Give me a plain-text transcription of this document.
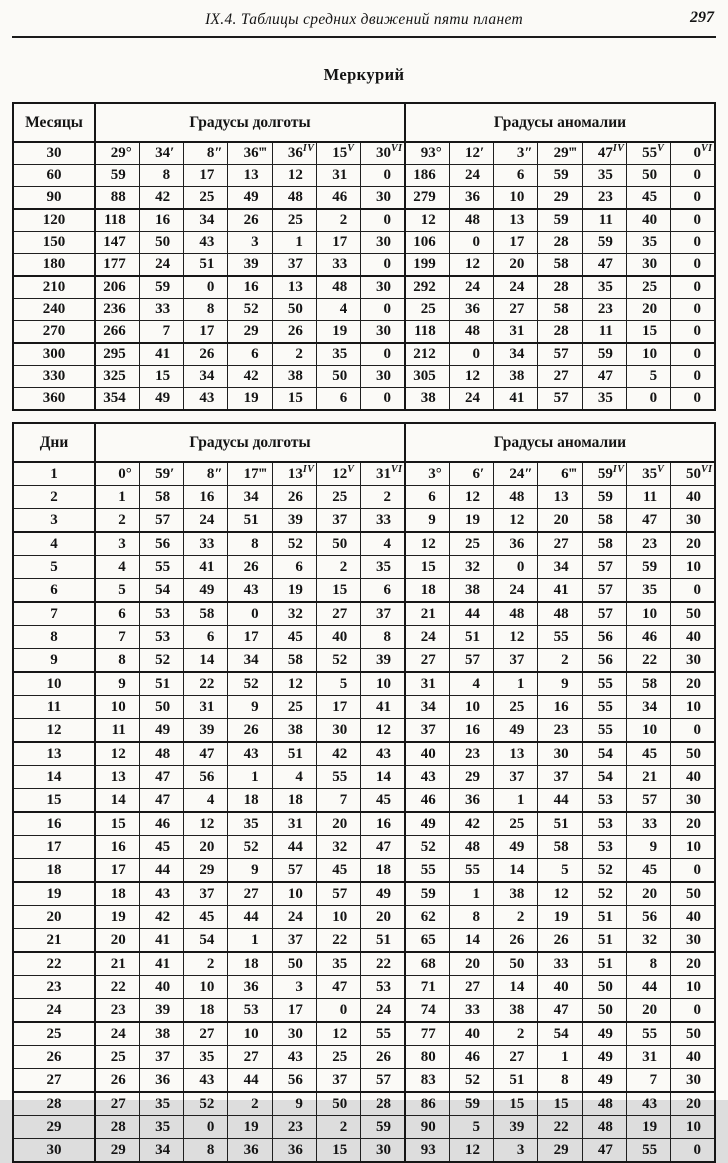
IX.4. Таблицы средних движений пяти планет	297
Меркурий
Месяцы	Градусы долготы							Градусы аномалии						
30	29°	34′	8″	36‴	$36^{IV}$	$15^V$	$30^{VI}$	93°	12′	3″	29‴	$47^{IV}$	$55^V$	$0^{VI}$
60	59	8	17	13	12	31	0	186	24	6	59	35	50	0
90	88	42	25	49	48	46	30	279	36	10	29	23	45	0
120	118	16	34	26	25	2	0	12	48	13	59	11	40	0
150	147	50	43	3	1	17	30	106	0	17	28	59	35	0
180	177	24	51	39	37	33	0	199	12	20	58	47	30	0
210	206	59	0	16	13	48	30	292	24	24	28	35	25	0
240	236	33	8	52	50	4	0	25	36	27	58	23	20	0
270	266	7	17	29	26	19	30	118	48	31	28	11	15	0
300	295	41	26	6	2	35	0	212	0	34	57	59	10	0
330	325	15	34	42	38	50	30	305	12	38	27	47	5	0
360	354	49	43	19	15	6	0	38	24	41	57	35	0	0
Дни	Градусы долготы							Градусы аномалии						
1	0°	59′	8″	17‴	$13^{IV}$	$12^V$	$31^{VI}$	3°	6′	24″	6‴	$59^{IV}$	$35^V$	$50^{VI}$
2	1	58	16	34	26	25	2	6	12	48	13	59	11	40
3	2	57	24	51	39	37	33	9	19	12	20	58	47	30
4	3	56	33	8	52	50	4	12	25	36	27	58	23	20
5	4	55	41	26	6	2	35	15	32	0	34	57	59	10
6	5	54	49	43	19	15	6	18	38	24	41	57	35	0
7	6	53	58	0	32	27	37	21	44	48	48	57	10	50
8	7	53	6	17	45	40	8	24	51	12	55	56	46	40
9	8	52	14	34	58	52	39	27	57	37	2	56	22	30
10	9	51	22	52	12	5	10	31	4	1	9	55	58	20
11	10	50	31	9	25	17	41	34	10	25	16	55	34	10
12	11	49	39	26	38	30	12	37	16	49	23	55	10	0
13	12	48	47	43	51	42	43	40	23	13	30	54	45	50
14	13	47	56	1	4	55	14	43	29	37	37	54	21	40
15	14	47	4	18	18	7	45	46	36	1	44	53	57	30
16	15	46	12	35	31	20	16	49	42	25	51	53	33	20
17	16	45	20	52	44	32	47	52	48	49	58	53	9	10
18	17	44	29	9	57	45	18	55	55	14	5	52	45	0
19	18	43	37	27	10	57	49	59	1	38	12	52	20	50
20	19	42	45	44	24	10	20	62	8	2	19	51	56	40
21	20	41	54	1	37	22	51	65	14	26	26	51	32	30
22	21	41	2	18	50	35	22	68	20	50	33	51	8	20
23	22	40	10	36	3	47	53	71	27	14	40	50	44	10
24	23	39	18	53	17	0	24	74	33	38	47	50	20	0
25	24	38	27	10	30	12	55	77	40	2	54	49	55	50
26	25	37	35	27	43	25	26	80	46	27	1	49	31	40
27	26	36	43	44	56	37	57	83	52	51	8	49	7	30
28	27	35	52	2	9	50	28	86	59	15	15	48	43	20
29	28	35	0	19	23	2	59	90	5	39	22	48	19	10
30	29	34	8	36	36	15	30	93	12	3	29	47	55	0
